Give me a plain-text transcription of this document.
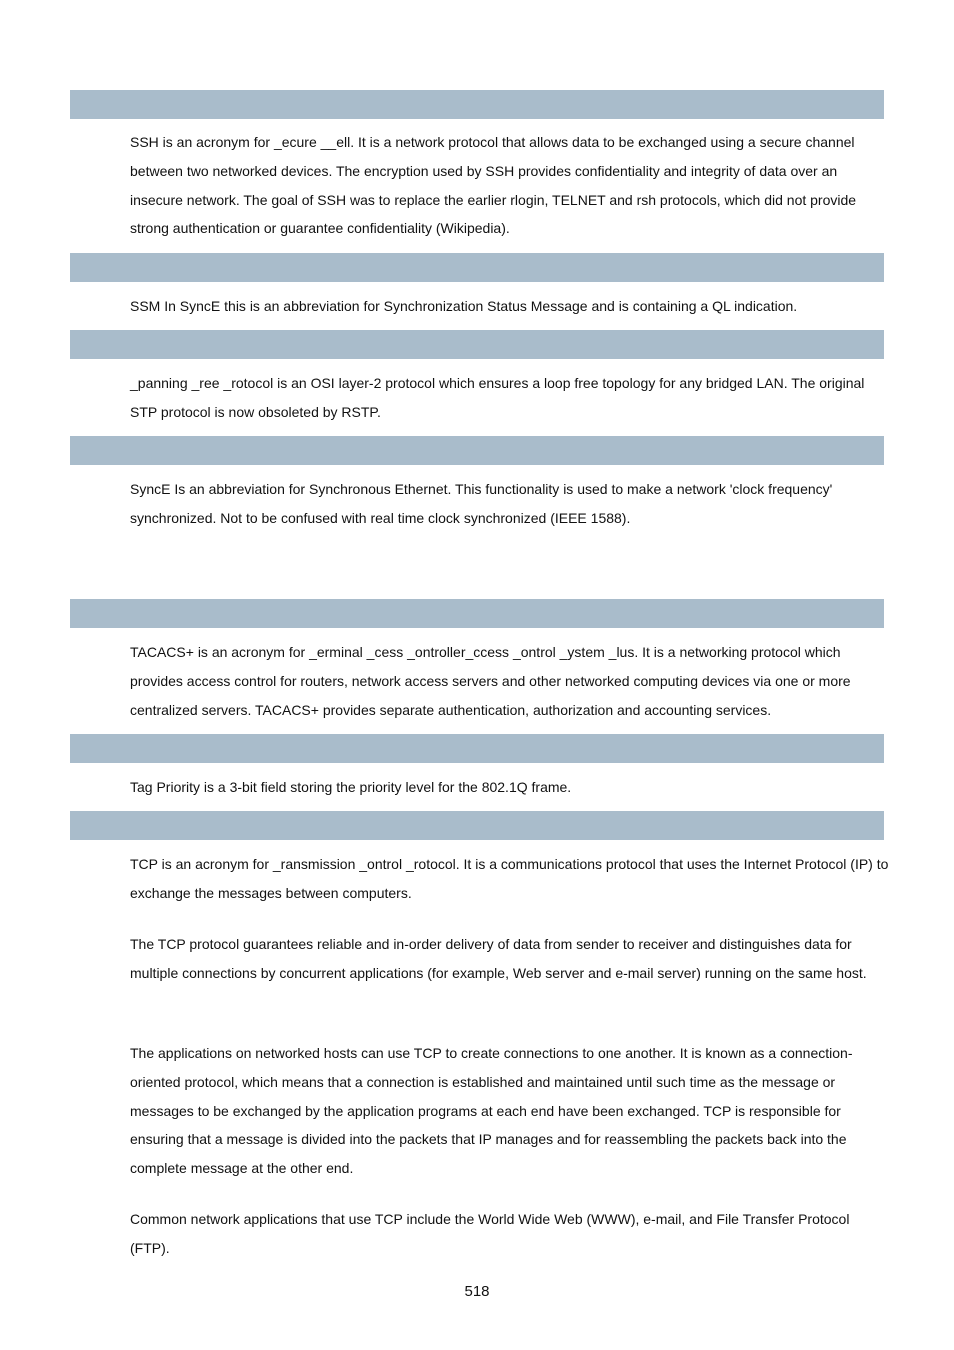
SSH is an acronym for _ecure __ell. It is a network protocol that allows data to be exchanged using a secure channel between two networked devices. The encryption used by SSH provides confidentiality and integrity of data over an insecure network. The goal of SSH was to replace the earlier rlogin, TELNET and rsh protocols, which did not provide strong authentication or guarantee confidentiality (Wikipedia).

SSM In SyncE this is an abbreviation for Synchronization Status Message and is containing a QL indication.

_panning _ree _rotocol is an OSI layer-2 protocol which ensures a loop free topology for any bridged LAN. The original STP protocol is now obsoleted by RSTP.

SyncE Is an abbreviation for Synchronous Ethernet. This functionality is used to make a network 'clock frequency' synchronized. Not to be confused with real time clock synchronized (IEEE 1588).

TACACS+ is an acronym for _erminal _cess _ontroller_ccess _ontrol _ystem _lus. It is a networking protocol which provides access control for routers, network access servers and other networked computing devices via one or more centralized servers. TACACS+ provides separate authentication, authorization and accounting services.

Tag Priority is a 3-bit field storing the priority level for the 802.1Q frame.

TCP is an acronym for _ransmission _ontrol _rotocol. It is a communications protocol that uses the Internet Protocol (IP) to exchange the messages between computers.

The TCP protocol guarantees reliable and in-order delivery of data from sender to receiver and distinguishes data for multiple connections by concurrent applications (for example, Web server and e-mail server) running on the same host.

The applications on networked hosts can use TCP to create connections to one another. It is known as a connection-oriented protocol, which means that a connection is established and maintained until such time as the message or messages to be exchanged by the application programs at each end have been exchanged. TCP is responsible for ensuring that a message is divided into the packets that IP manages and for reassembling the packets back into the complete message at the other end.

Common network applications that use TCP include the World Wide Web (WWW), e-mail, and File Transfer Protocol (FTP).

518
